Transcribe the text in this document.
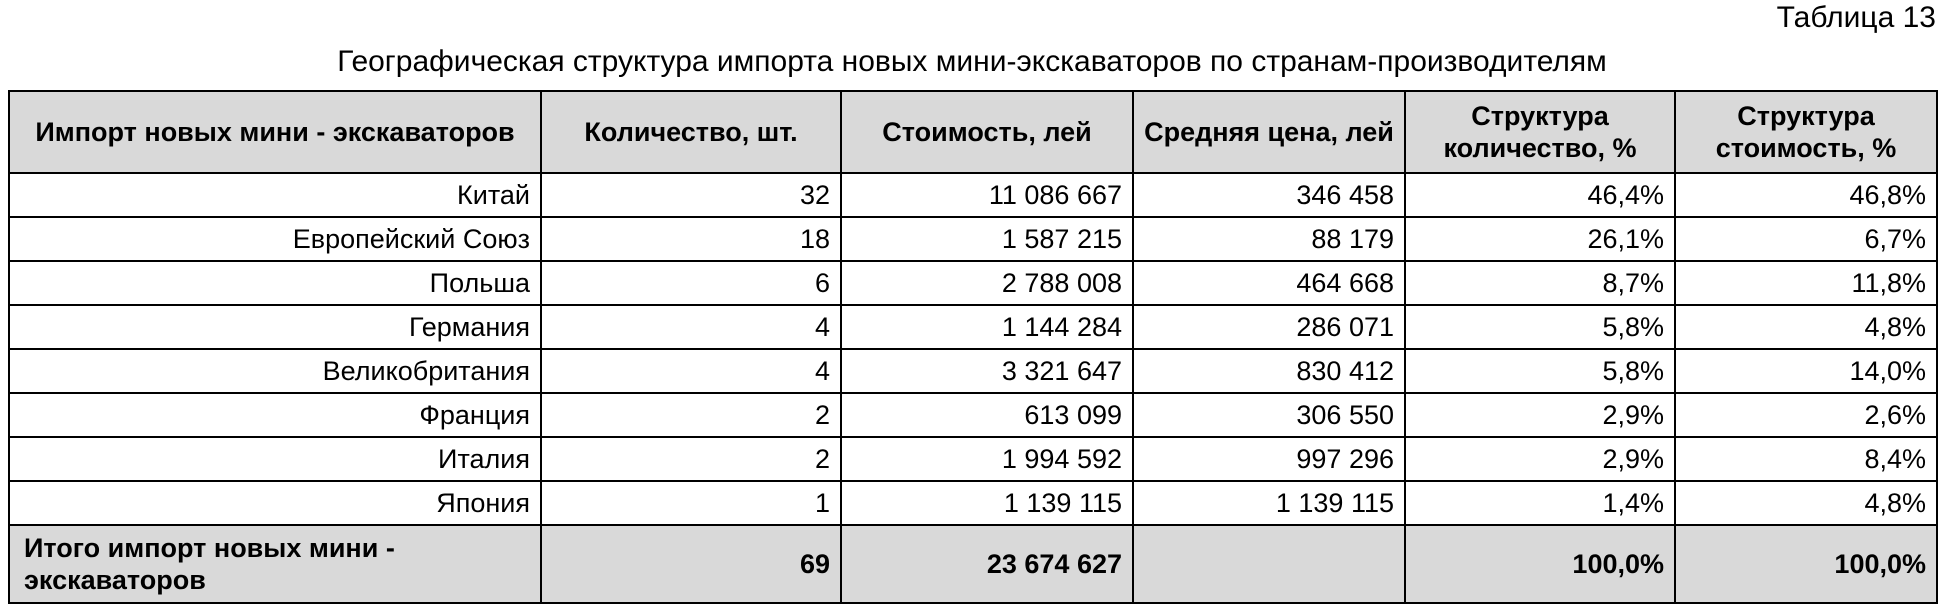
Таблица 13
Географическая структура импорта новых мини-экскаваторов по странам-производителям
Импорт новых мини - экскаваторов	Количество, шт.	Стоимость, лей	Средняя цена, лей	Структура количество, %	Структура стоимость, %
Китай	32	11 086 667	346 458	46,4%	46,8%
Европейский Союз	18	1 587 215	88 179	26,1%	6,7%
Польша	6	2 788 008	464 668	8,7%	11,8%
Германия	4	1 144 284	286 071	5,8%	4,8%
Великобритания	4	3 321 647	830 412	5,8%	14,0%
Франция	2	613 099	306 550	2,9%	2,6%
Италия	2	1 994 592	997 296	2,9%	8,4%
Япония	1	1 139 115	1 139 115	1,4%	4,8%
Итого импорт новых мини - экскаваторов	69	23 674 627		100,0%	100,0%
